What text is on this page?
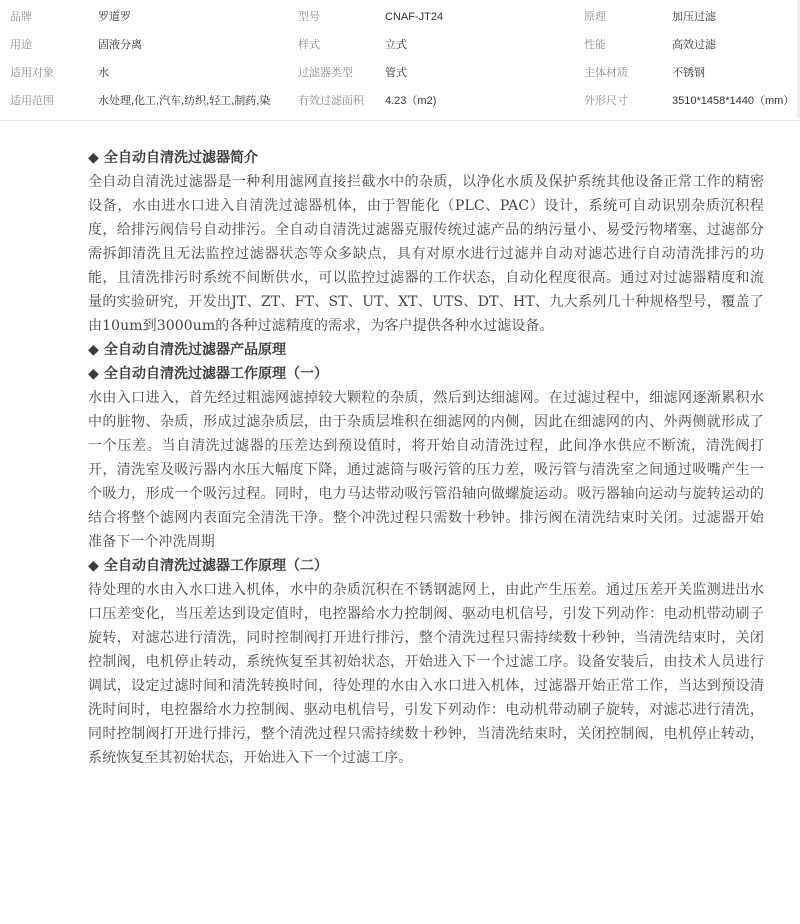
品牌	罗道罗	型号	CNAF-JT24	原理	加压过滤
用途	固液分离	样式	立式	性能	高效过滤
适用对象	水	过滤器类型	管式	主体材质	不锈钢
适用范围	水处理,化工,汽车,纺织,轻工,制药,染	有效过滤面积 4.23（m2)	外形尺寸	3510*1458*1440（mm）
◆ 全自动自清洗过滤器简介

全自动自清洗过滤器是一种利用滤网直接拦截水中的杂质，以净化水质及保护系统其他设备正常工作的精密设备，水由进水口进入自清洗过滤器机体，由于智能化（PLC、PAC）设计，系统可自动识别杂质沉积程度，给排污阀信号自动排污。全自动自清洗过滤器克服传统过滤产品的纳污量小、易受污物堵塞、过滤部分需拆卸清洗且无法监控过滤器状态等众多缺点，具有对原水进行过滤并自动对滤芯进行自动清洗排污的功能，且清洗排污时系统不间断供水，可以监控过滤器的工作状态，自动化程度很高。通过对过滤器精度和流量的实验研究，开发出JT、ZT、FT、ST、UT、XT、UTS、DT、HT、九大系列几十种规格型号，覆盖了由10um到3000um的各种过滤精度的需求，为客户提供各种水过滤设备。

◆ 全自动自清洗过滤器产品原理
◆ 全自动自清洗过滤器工作原理（一）

水由入口进入，首先经过粗滤网滤掉较大颗粒的杂质，然后到达细滤网。在过滤过程中，细滤网逐渐累积水中的脏物、杂质，形成过滤杂质层，由于杂质层堆积在细滤网的内侧，因此在细滤网的内、外两侧就形成了一个压差。当自清洗过滤器的压差达到预设值时，将开始自动清洗过程，此间净水供应不断流，清洗阀打开，清洗室及吸污器内水压大幅度下降，通过滤筒与吸污管的压力差，吸污管与清洗室之间通过吸嘴产生一个吸力，形成一个吸污过程。同时，电力马达带动吸污管沿轴向做螺旋运动。吸污器轴向运动与旋转运动的结合将整个滤网内表面完全清洗干净。整个冲洗过程只需数十秒钟。排污阀在清洗结束时关闭。过滤器开始准备下一个冲洗周期

◆ 全自动自清洗过滤器工作原理（二）

待处理的水由入水口进入机体，水中的杂质沉积在不锈钢滤网上，由此产生压差。通过压差开关监测进出水口压差变化，当压差达到设定值时，电控器给水力控制阀、驱动电机信号，引发下列动作：电动机带动刷子旋转，对滤芯进行清洗，同时控制阀打开进行排污，整个清洗过程只需持续数十秒钟，当清洗结束时，关闭控制阀，电机停止转动，系统恢复至其初始状态，开始进入下一个过滤工序。设备安装后，由技术人员进行调试，设定过滤时间和清洗转换时间，待处理的水由入水口进入机体，过滤器开始正常工作，当达到预设清洗时间时，电控器给水力控制阀、驱动电机信号，引发下列动作：电动机带动刷子旋转，对滤芯进行清洗，同时控制阀打开进行排污，整个清洗过程只需持续数十秒钟，当清洗结束时，关闭控制阀，电机停止转动，系统恢复至其初始状态，开始进入下一个过滤工序。
